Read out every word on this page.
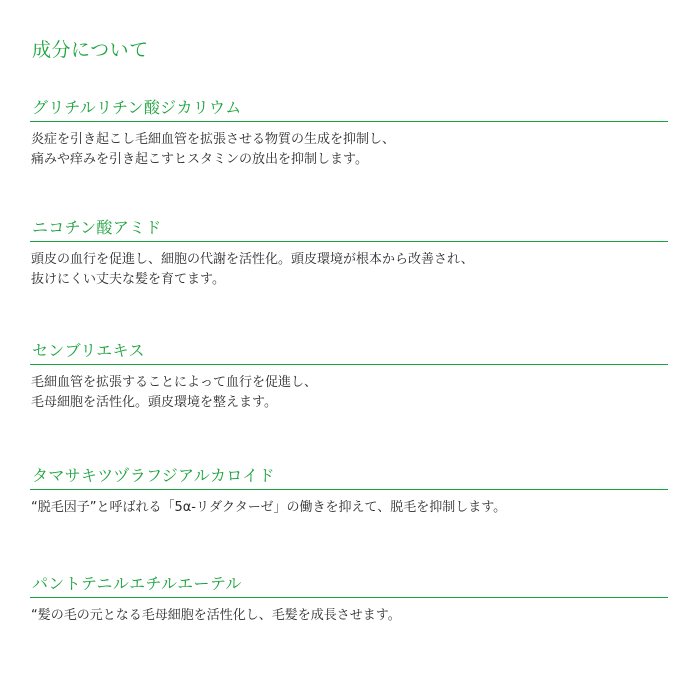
成分について
グリチルリチン酸ジカリウム
炎症を引き起こし毛細血管を拡張させる物質の生成を抑制し、
痛みや痒みを引き起こすヒスタミンの放出を抑制します。
ニコチン酸アミド
頭皮の血行を促進し、細胞の代謝を活性化。頭皮環境が根本から改善され、
抜けにくい丈夫な髪を育てます。
センブリエキス
毛細血管を拡張することによって血行を促進し、
毛母細胞を活性化。頭皮環境を整えます。
タマサキツヅラフジアルカロイド
“脱毛因子”と呼ばれる「5α-リダクターゼ」の働きを抑えて、脱毛を抑制します。
パントテニルエチルエーテル
“髪の毛の元となる毛母細胞を活性化し、毛髪を成長させます。
